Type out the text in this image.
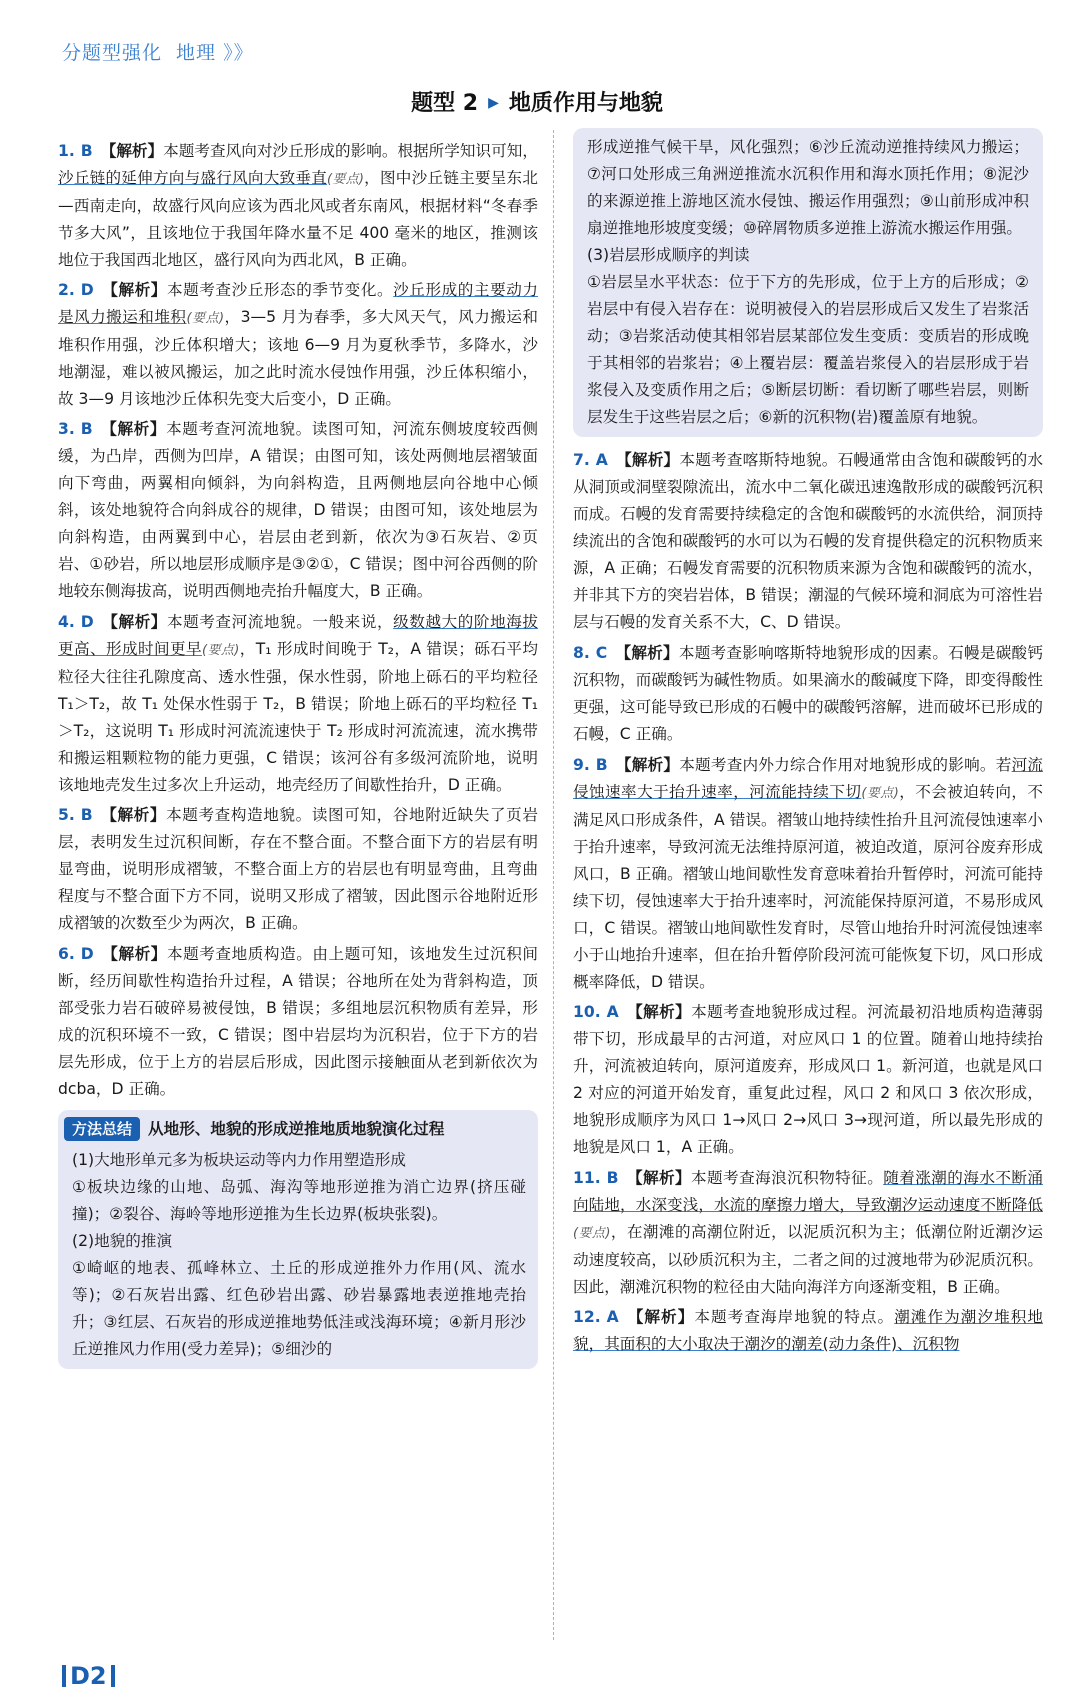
分题型强化 地理 》》
题型 2 ▶ 地质作用与地貌
1. B 【解析】本题考查风向对沙丘形成的影响。根据所学知识可知，沙丘链的延伸方向与盛行风向大致垂直(要点)，图中沙丘链主要呈东北—西南走向，故盛行风向应该为西北风或者东南风，根据材料“冬春季节多大风”，且该地位于我国年降水量不足 400 毫米的地区，推测该地位于我国西北地区，盛行风向为西北风，B 正确。
2. D 【解析】本题考查沙丘形态的季节变化。沙丘形成的主要动力是风力搬运和堆积(要点)，3—5 月为春季，多大风天气，风力搬运和堆积作用强，沙丘体积增大；该地 6—9 月为夏秋季节，多降水，沙地潮湿，难以被风搬运，加之此时流水侵蚀作用强，沙丘体积缩小，故 3—9 月该地沙丘体积先变大后变小，D 正确。
3. B 【解析】本题考查河流地貌。读图可知，河流东侧坡度较西侧缓，为凸岸，西侧为凹岸，A 错误；由图可知，该处两侧地层褶皱面向下弯曲，两翼相向倾斜，为向斜构造，且两侧地层向谷地中心倾斜，该处地貌符合向斜成谷的规律，D 错误；由图可知，该处地层为向斜构造，由两翼到中心，岩层由老到新，依次为③石灰岩、②页岩、①砂岩，所以地层形成顺序是③②①，C 错误；图中河谷西侧的阶地较东侧海拔高，说明西侧地壳抬升幅度大，B 正确。
4. D 【解析】本题考查河流地貌。一般来说，级数越大的阶地海拔更高、形成时间更早(要点)，T₁ 形成时间晚于 T₂，A 错误；砾石平均粒径大往往孔隙度高、透水性强，保水性弱，阶地上砾石的平均粒径 T₁＞T₂，故 T₁ 处保水性弱于 T₂，B 错误；阶地上砾石的平均粒径 T₁＞T₂，这说明 T₁ 形成时河流流速快于 T₂ 形成时河流流速，流水携带和搬运粗颗粒物的能力更强，C 错误；该河谷有多级河流阶地，说明该地地壳发生过多次上升运动，地壳经历了间歇性抬升，D 正确。
5. B 【解析】本题考查构造地貌。读图可知，谷地附近缺失了页岩层，表明发生过沉积间断，存在不整合面。不整合面下方的岩层有明显弯曲，说明形成褶皱，不整合面上方的岩层也有明显弯曲，且弯曲程度与不整合面下方不同，说明又形成了褶皱，因此图示谷地附近形成褶皱的次数至少为两次，B 正确。
6. D 【解析】本题考查地质构造。由上题可知，该地发生过沉积间断，经历间歇性构造抬升过程，A 错误；谷地所在处为背斜构造，顶部受张力岩石破碎易被侵蚀，B 错误；多组地层沉积物质有差异，形成的沉积环境不一致，C 错误；图中岩层均为沉积岩，位于下方的岩层先形成，位于上方的岩层后形成，因此图示接触面从老到新依次为 dcba，D 正确。
方法总结 从地形、地貌的形成逆推地质地貌演化过程
(1)大地形单元多为板块运动等内力作用塑造形成
①板块边缘的山地、岛弧、海沟等地形逆推为消亡边界(挤压碰撞)；②裂谷、海岭等地形逆推为生长边界(板块张裂)。
(2)地貌的推演
①崎岖的地表、孤峰林立、土丘的形成逆推外力作用(风、流水等)；②石灰岩出露、红色砂岩出露、砂岩暴露地表逆推地壳抬升；③红层、石灰岩的形成逆推地势低洼或浅海环境；④新月形沙丘逆推风力作用(受力差异)；⑤细沙的
形成逆推气候干旱，风化强烈；⑥沙丘流动逆推持续风力搬运；⑦河口处形成三角洲逆推流水沉积作用和海水顶托作用；⑧泥沙的来源逆推上游地区流水侵蚀、搬运作用强烈；⑨山前形成冲积扇逆推地形坡度变缓；⑩碎屑物质多逆推上游流水搬运作用强。
(3)岩层形成顺序的判读
①岩层呈水平状态：位于下方的先形成，位于上方的后形成；②岩层中有侵入岩存在：说明被侵入的岩层形成后又发生了岩浆活动；③岩浆活动使其相邻岩层某部位发生变质：变质岩的形成晚于其相邻的岩浆岩；④上覆岩层：覆盖岩浆侵入的岩层形成于岩浆侵入及变质作用之后；⑤断层切断：看切断了哪些岩层，则断层发生于这些岩层之后；⑥新的沉积物(岩)覆盖原有地貌。
7. A 【解析】本题考查喀斯特地貌。石幔通常由含饱和碳酸钙的水从洞顶或洞壁裂隙流出，流水中二氧化碳迅速逸散形成的碳酸钙沉积而成。石幔的发育需要持续稳定的含饱和碳酸钙的水流供给，洞顶持续流出的含饱和碳酸钙的水可以为石幔的发育提供稳定的沉积物质来源，A 正确；石幔发育需要的沉积物质来源为含饱和碳酸钙的流水，并非其下方的突岩岩体，B 错误；潮湿的气候环境和洞底为可溶性岩层与石幔的发育关系不大，C、D 错误。
8. C 【解析】本题考查影响喀斯特地貌形成的因素。石幔是碳酸钙沉积物，而碳酸钙为碱性物质。如果滴水的酸碱度下降，即变得酸性更强，这可能导致已形成的石幔中的碳酸钙溶解，进而破坏已形成的石幔，C 正确。
9. B 【解析】本题考查内外力综合作用对地貌形成的影响。若河流侵蚀速率大于抬升速率，河流能持续下切(要点)，不会被迫转向，不满足风口形成条件，A 错误。褶皱山地持续性抬升且河流侵蚀速率小于抬升速率，导致河流无法维持原河道，被迫改道，原河谷废弃形成风口，B 正确。褶皱山地间歇性发育意味着抬升暂停时，河流可能持续下切，侵蚀速率大于抬升速率时，河流能保持原河道，不易形成风口，C 错误。褶皱山地间歇性发育时，尽管山地抬升时河流侵蚀速率小于山地抬升速率，但在抬升暂停阶段河流可能恢复下切，风口形成概率降低，D 错误。
10. A 【解析】本题考查地貌形成过程。河流最初沿地质构造薄弱带下切，形成最早的古河道，对应风口 1 的位置。随着山地持续抬升，河流被迫转向，原河道废弃，形成风口 1。新河道，也就是风口 2 对应的河道开始发育，重复此过程，风口 2 和风口 3 依次形成，地貌形成顺序为风口 1→风口 2→风口 3→现河道，所以最先形成的地貌是风口 1，A 正确。
11. B 【解析】本题考查海浪沉积物特征。随着涨潮的海水不断涌向陆地，水深变浅，水流的摩擦力增大，导致潮汐运动速度不断降低(要点)，在潮滩的高潮位附近，以泥质沉积为主；低潮位附近潮汐运动速度较高，以砂质沉积为主，二者之间的过渡地带为砂泥质沉积。因此，潮滩沉积物的粒径由大陆向海洋方向逐渐变粗，B 正确。
12. A 【解析】本题考查海岸地貌的特点。潮滩作为潮汐堆积地貌，其面积的大小取决于潮汐的潮差(动力条件)、沉积物
D2
